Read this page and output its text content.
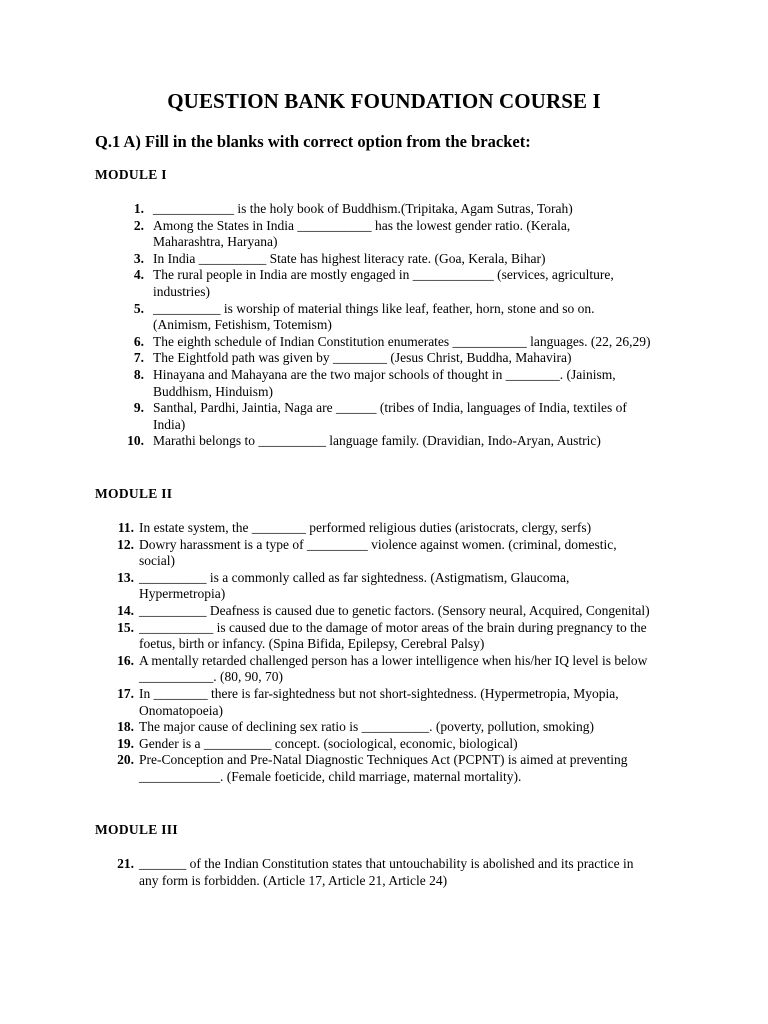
QUESTION BANK FOUNDATION COURSE I
Q.1 A) Fill in the blanks with correct option from the bracket:
MODULE I
1. ____________ is the holy book of Buddhism.(Tripitaka, Agam Sutras, Torah)
2. Among the States in India ___________ has the lowest gender ratio. (Kerala, Maharashtra, Haryana)
3. In India __________ State has highest literacy rate. (Goa, Kerala, Bihar)
4. The rural people in India are mostly engaged in ____________ (services, agriculture, industries)
5. __________ is worship of material things like leaf, feather, horn, stone and so on. (Animism, Fetishism, Totemism)
6. The eighth schedule of Indian Constitution enumerates ___________ languages. (22, 26,29)
7. The Eightfold path was given by ________ (Jesus Christ, Buddha, Mahavira)
8. Hinayana and Mahayana are the two major schools of thought in ________. (Jainism, Buddhism, Hinduism)
9. Santhal, Pardhi, Jaintia, Naga are ______ (tribes of India, languages of India, textiles of India)
10. Marathi belongs to __________ language family. (Dravidian, Indo-Aryan, Austric)
MODULE II
11. In estate system, the ________ performed religious duties (aristocrats, clergy, serfs)
12. Dowry harassment is a type of _________ violence against women. (criminal, domestic, social)
13. __________ is a commonly called as far sightedness. (Astigmatism, Glaucoma, Hypermetropia)
14. __________ Deafness is caused due to genetic factors. (Sensory neural, Acquired, Congenital)
15. ___________ is caused due to the damage of motor areas of the brain during pregnancy to the foetus, birth or infancy. (Spina Bifida, Epilepsy, Cerebral Palsy)
16. A mentally retarded challenged person has a lower intelligence when his/her IQ level is below ___________. (80, 90, 70)
17. In ________ there is far-sightedness but not short-sightedness. (Hypermetropia, Myopia, Onomatopoeia)
18. The major cause of declining sex ratio is __________. (poverty, pollution, smoking)
19. Gender is a __________ concept. (sociological, economic, biological)
20. Pre-Conception and Pre-Natal Diagnostic Techniques Act (PCPNT) is aimed at preventing ____________. (Female foeticide, child marriage, maternal mortality).
MODULE III
21. _______ of the Indian Constitution states that untouchability is abolished and its practice in any form is forbidden. (Article 17, Article 21, Article 24)
